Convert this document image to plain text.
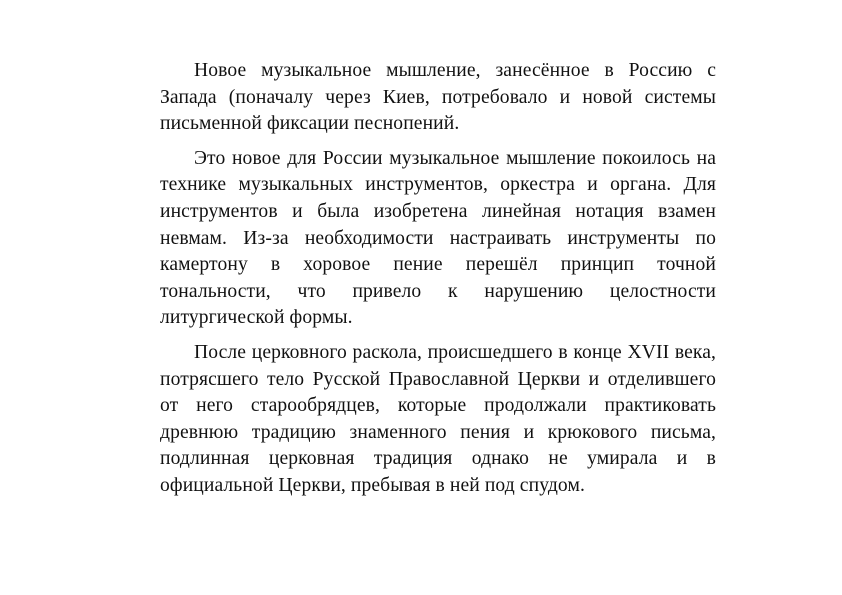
Новое музыкальное мышление, занесённое в Россию с Запада (поначалу через Киев, потребовало и новой системы письменной фиксации песнопений.

Это новое для России музыкальное мышление покоилось на технике музыкальных инструментов, оркестра и органа. Для инструментов и была изобретена линейная нотация взамен невмам. Из-за необходимости настраивать инструменты по камертону в хоровое пение перешёл принцип точной тональности, что привело к нарушению целостности литургической формы.

После церковного раскола, происшедшего в конце XVII века, потрясшего тело Русской Православной Церкви и отделившего от него старообрядцев, которые продолжали практиковать древнюю традицию знаменного пения и крюкового письма, подлинная церковная традиция однако не умирала и в официальной Церкви, пребывая в ней под спудом.
